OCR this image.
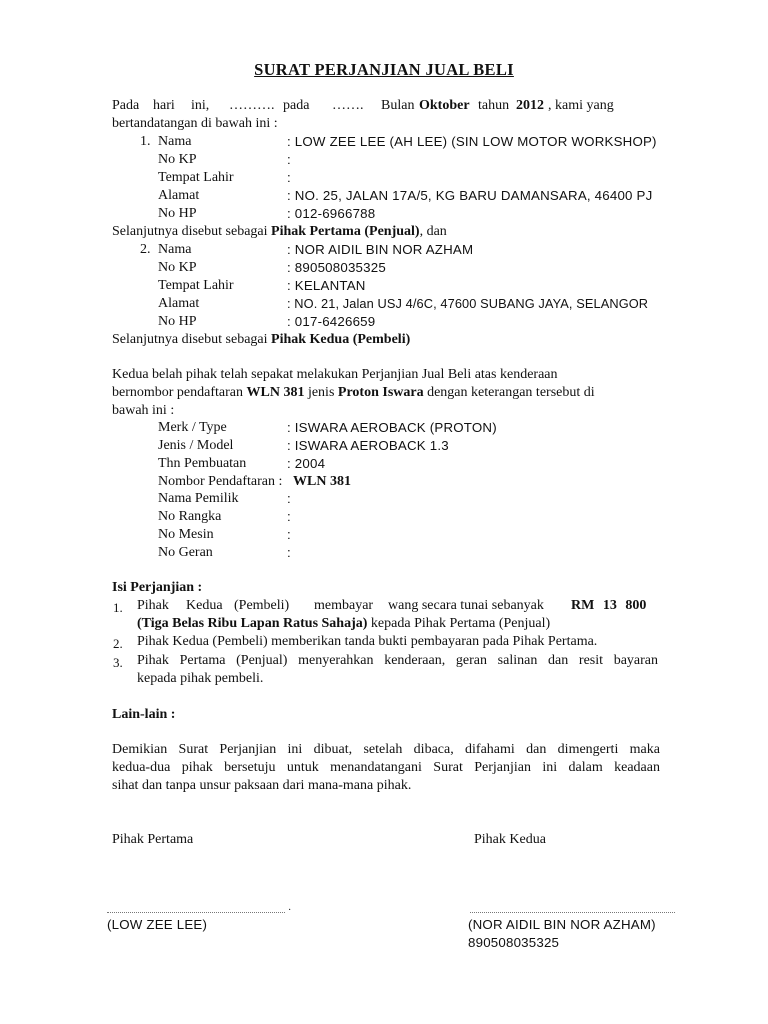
SURAT PERJANJIAN JUAL BELI
Pada hari ini, ………. pada ……. Bulan Oktober tahun 2012 , kami yang
bertandatangan di bawah ini :
1. Nama	: LOW ZEE LEE (AH LEE) (SIN LOW MOTOR WORKSHOP)
No KP	:
Tempat Lahir	:
Alamat	: NO. 25, JALAN 17A/5, KG BARU DAMANSARA, 46400 PJ
No HP	: 012-6966788
Selanjutnya disebut sebagai Pihak Pertama (Penjual), dan
2. Nama	: NOR AIDIL BIN NOR AZHAM
No KP	: 890508035325
Tempat Lahir	: KELANTAN
Alamat	: NO. 21, Jalan USJ 4/6C, 47600 SUBANG JAYA, SELANGOR
No HP	: 017-6426659
Selanjutnya disebut sebagai Pihak Kedua (Pembeli)
Kedua belah pihak telah sepakat melakukan Perjanjian Jual Beli atas kenderaan
bernombor pendaftaran WLN 381 jenis Proton Iswara dengan keterangan tersebut di
bawah ini :
Merk / Type	: ISWARA AEROBACK (PROTON)
Jenis / Model	: ISWARA AEROBACK 1.3
Thn Pembuatan	: 2004
Nombor Pendaftaran : WLN 381
Nama Pemilik	:
No Rangka	:
No Mesin	:
No Geran	:
Isi Perjanjian :
1. Pihak Kedua (Pembeli) membayar wang secara tunai sebanyak RM 13 800
(Tiga Belas Ribu Lapan Ratus Sahaja) kepada Pihak Pertama (Penjual)
2. Pihak Kedua (Pembeli) memberikan tanda bukti pembayaran pada Pihak Pertama.
3. Pihak Pertama (Penjual) menyerahkan kenderaan, geran salinan dan resit bayaran
kepada pihak pembeli.
Lain-lain :
Demikian Surat Perjanjian ini dibuat, setelah dibaca, difahami dan dimengerti maka
kedua-dua pihak bersetuju untuk menandatangani Surat Perjanjian ini dalam keadaan
sihat dan tanpa unsur paksaan dari mana-mana pihak.
Pihak Pertama	Pihak Kedua
·
(LOW ZEE LEE)	(NOR AIDIL BIN NOR AZHAM)
890508035325
